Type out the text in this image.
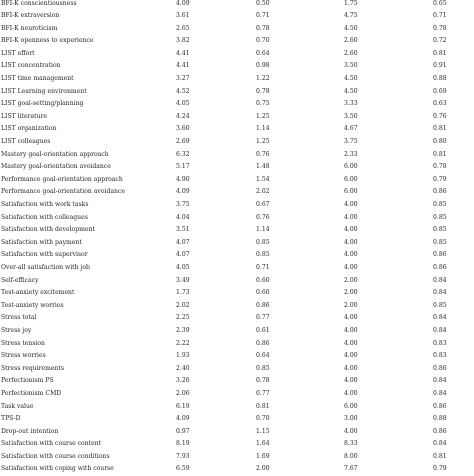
BFI-K conscientiousness	4.09	0.50	1.75	0.65
BFI-K extraversion	3.61	0.71	4.75	0.71
BFI-K neuroticism	2.65	0.78	4.50	0.78
BFI-K openness to experience	3.82	0.70	2.60	0.72
LIST effort	4.41	0.64	2.60	0.81
LIST concentration	4.41	0.98	3.50	0.91
LIST time management	3.27	1.22	4.50	0.88
LIST Learning environment	4.52	0.78	4.50	0.69
LIST goal-setting/planning	4.05	0.75	3.33	0.63
LIST literature	4.24	1.25	3.50	0.76
LIST organization	3.60	1.14	4.67	0.81
LIST colleagues	2.69	1.25	3.75	0.80
Mastery goal-orientation approach	6.32	0.76	2.33	0.81
Mastery goal-orientation avoidance	5.17	1.48	6.00	0.78
Performance goal-orientation approach	4.90	1.54	6.00	0.79
Performance goal-orientation avoidance	4.09	2.02	6.00	0.86
Satisfaction with work tasks	3.75	0.67	4.00	0.85
Satisfaction with colleagues	4.04	0.76	4.00	0.85
Satisfaction with development	3.51	1.14	4.00	0.85
Satisfaction with payment	4.07	0.85	4.00	0.85
Satisfaction with supervisor	4.07	0.85	4.00	0.86
Over-all satisfaction with job	4.05	0.71	4.00	0.86
Self-efficacy	3.49	0.60	2.00	0.84
Test-anxiety excitement	1.73	0.60	2.00	0.84
Test-anxiety worries	2.02	0.86	2.00	0.85
Stress total	2.25	0.77	4.00	0.84
Stress joy	2.39	0.61	4.00	0.84
Stress tension	2.22	0.86	4.00	0.83
Stress worries	1.93	0.64	4.00	0.83
Stress requirements	2.40	0.85	4.00	0.86
Perfectionism PS	3.26	0.78	4.00	0.84
Perfectionism CMD	2.06	0.77	4.00	0.84
Task value	6.19	0.81	6.00	0.86
TPS-D	4.09	0.70	3.00	0.88
Drop-out intention	0.97	1.15	4.00	0.86
Satisfaction with course content	8.19	1.64	8.33	0.84
Satisfaction with course conditions	7.93	1.69	8.00	0.81
Satisfaction with coping with course	6.59	2.00	7.67	0.79
